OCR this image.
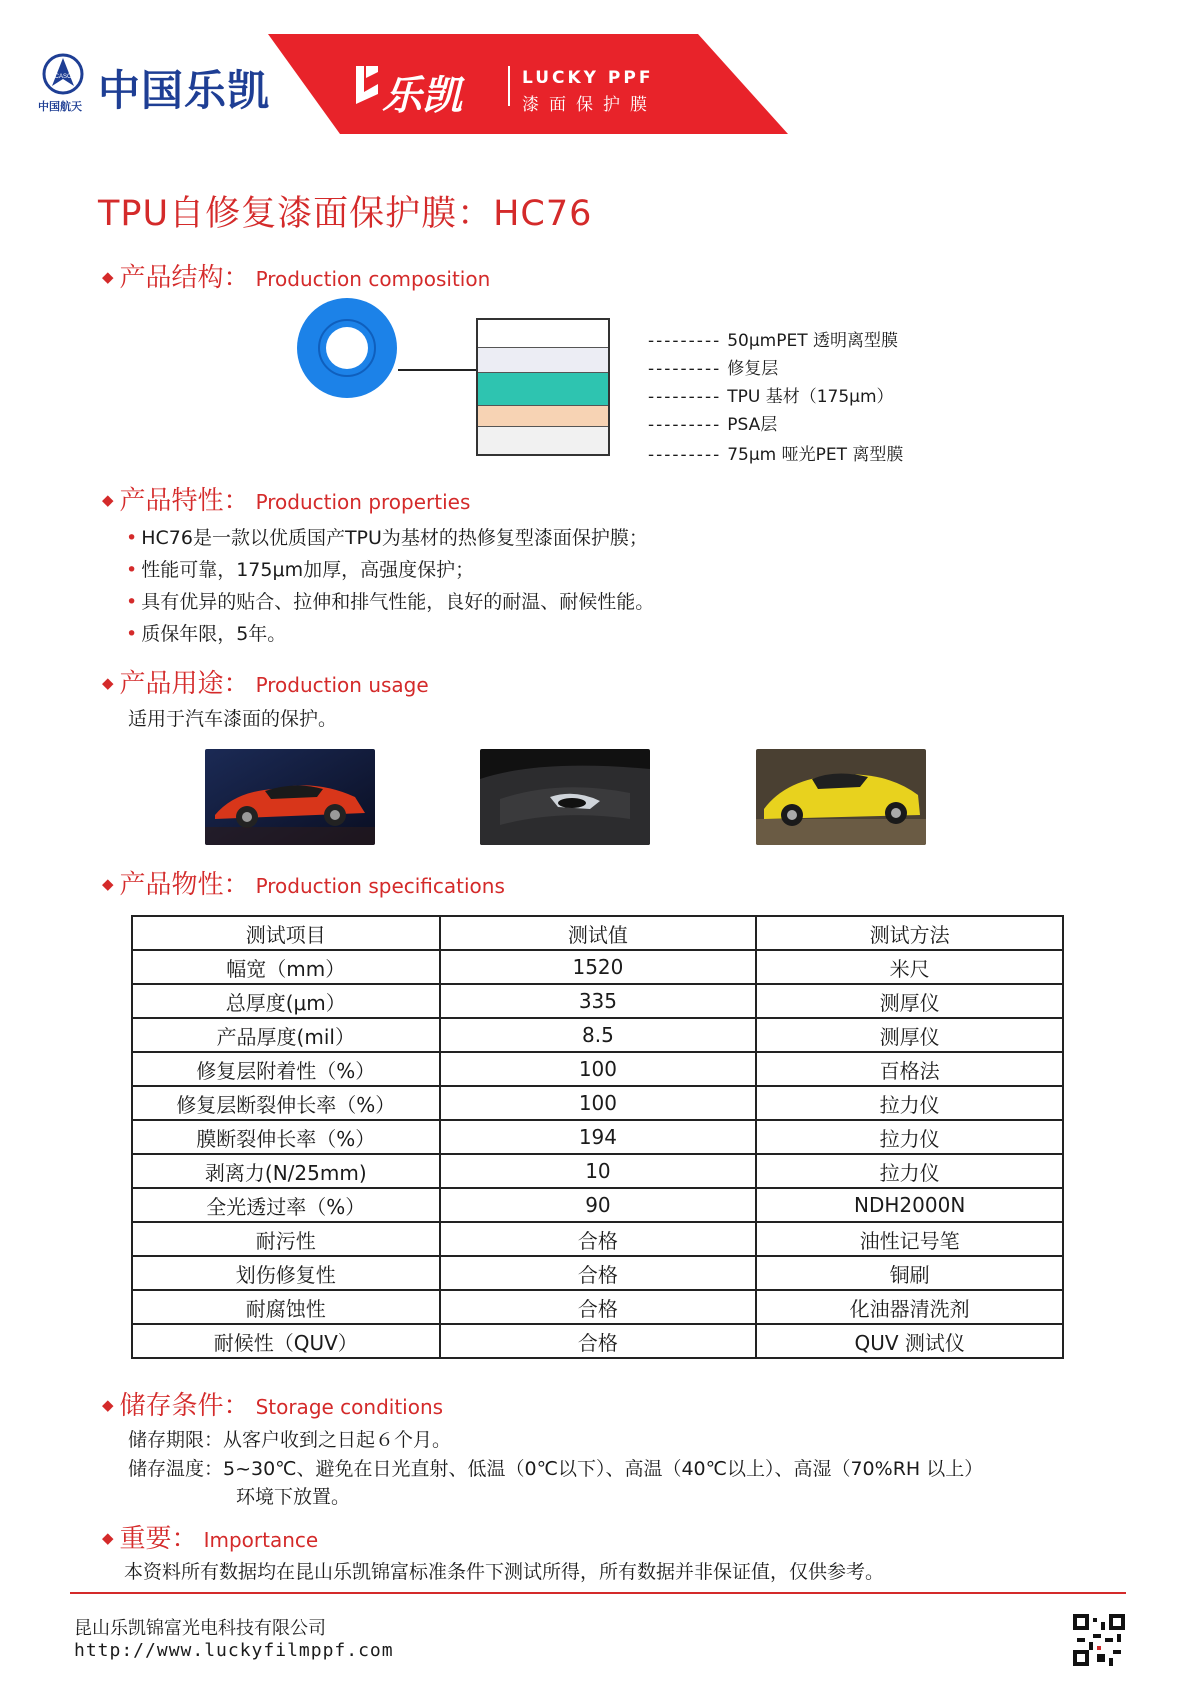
CASC 中国乐凯
中国航天	乐凯	LUCKY PPF
漆面保护膜
TPU自修复漆面保护膜：HC76
◆ 产品结构： Production composition
--------- 50μmPET 透明离型膜
--------- 修复层
--------- TPU 基材（175μm）
--------- PSA层
--------- 75μm 哑光PET 离型膜
◆ 产品特性： Production properties
• HC76是一款以优质国产TPU为基材的热修复型漆面保护膜；
• 性能可靠，175μm加厚，高强度保护；
• 具有优异的贴合、拉伸和排气性能，良好的耐温、耐候性能。
• 质保年限，5年。
◆ 产品用途： Production usage
适用于汽车漆面的保护。
◆ 产品物性： Production specifications
测试项目	测试值	测试方法
幅宽（mm）	1520	米尺
总厚度(μm）	335	测厚仪
产品厚度(mil）	8.5	测厚仪
修复层附着性（%）	100	百格法
修复层断裂伸长率（%）	100	拉力仪
膜断裂伸长率（%）	194	拉力仪
剥离力(N/25mm)	10	拉力仪
全光透过率（%）	90	NDH2000N
耐污性	合格	油性记号笔
划伤修复性	合格	铜刷
耐腐蚀性	合格	化油器清洗剂
耐候性（QUV）	合格	QUV 测试仪
◆ 储存条件： Storage conditions
储存期限：从客户收到之日起６个月。
储存温度：5~30℃、避免在日光直射、低温（0℃以下）、高温（40℃以上）、高湿（70%RH 以上）
环境下放置。
◆ 重要： Importance
本资料所有数据均在昆山乐凯锦富标准条件下测试所得，所有数据并非保证值，仅供参考。
昆山乐凯锦富光电科技有限公司
http://www.luckyfilmppf.com
